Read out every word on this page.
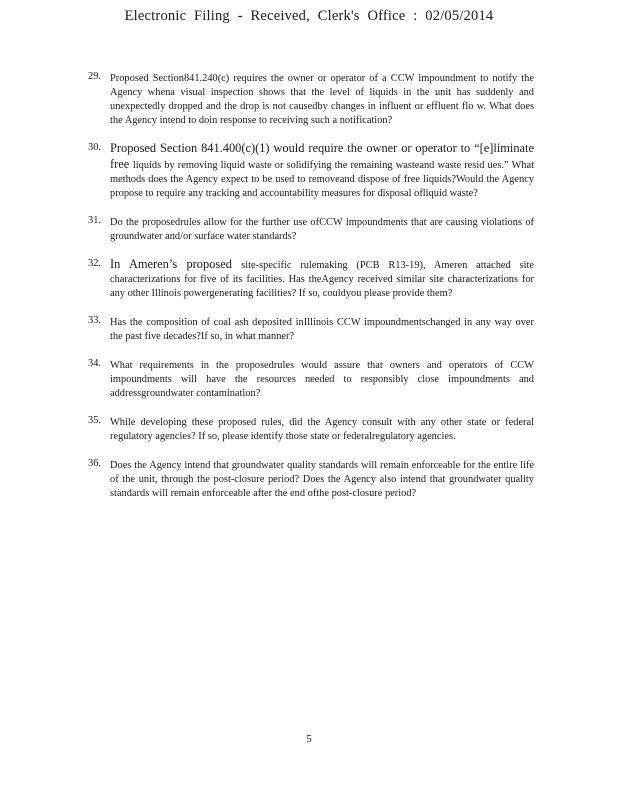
Electronic Filing - Received, Clerk's Office : 02/05/2014
29. Proposed Section841.240(c) requires the owner or operator of a CCW impoundment to notify the Agency whena visual inspection shows that the level of liquids in the unit has suddenly and unexpectedly dropped and the drop is not causedby changes in influent or effluent flo w. What does the Agency intend to doin response to receiving such a notification?
30. Proposed Section 841.400(c)(1) would require the owner or operator to “[e]liminate free liquids by removing liquid waste or solidifying the remaining wasteand waste resid ues.” What methods does the Agency expect to be used to removeand dispose of free liquids?Would the Agency propose to require any tracking and accountability measures for disposal ofliquid waste?
31. Do the proposedrules allow for the further use ofCCW impoundments that are causing violations of groundwater and/or surface water standards?
32. In Ameren’s proposed site-specific rulemaking (PCB R13-19), Ameren attached site characterizations for five of its facilities. Has theAgency received similar site characterizations for any other Illinois powergenerating facilities? If so, couldyou please provide them?
33. Has the composition of coal ash deposited inIllinois CCW impoundmentschanged in any way over the past five decades?If so, in what manner?
34. What requirements in the proposedrules would assure that owners and operators of CCW impoundments will have the resources needed to responsibly close impoundments and addressgroundwater contamination?
35. While developing these proposed rules, did the Agency consult with any other state or federal regulatory agencies? If so, please identify those state or federalregulatory agencies.
36. Does the Agency intend that groundwater quality standards will remain enforceable for the entire life of the unit, through the post-closure period? Does the Agency also intend that groundwater quality standards will remain enforceable after the end ofthe post-closure period?
5
